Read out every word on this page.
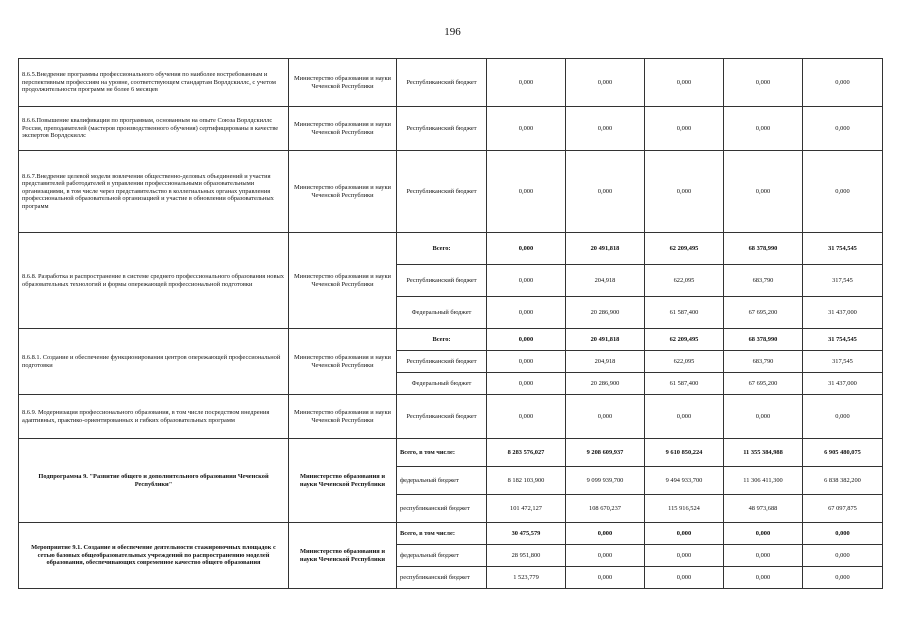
196
8.6.5.Внедрение программы профессионального обучения по наиболее востребованным и перспективным профессиям на уровне, соответствующем стандартам Ворлдскиллс, с учетом продолжительности программ не более 6 месяцев	Министерство образования и науки Чеченской Республики	Республиканский бюджет	0,000	0,000	0,000	0,000	0,000
8.6.6.Повышение квалификации по программам, основанным на опыте Союза Ворлдскиллс Россия, преподавателей (мастеров производственного обучения) сертифицированы в качестве экспертов Ворлдскиллс	Министерство образования и науки Чеченской Республики	Республиканский бюджет	0,000	0,000	0,000	0,000	0,000
8.6.7.Внедрение целевой модели вовлечения общественно-деловых объединений и участия представителей работодателей в управлении профессиональными образовательными организациями, в том числе через представительство в коллегиальных органах управления профессиональной образовательной организацией и участие в обновлении образовательных программ	Министерство образования и науки Чеченской Республики	Республиканский бюджет	0,000	0,000	0,000	0,000	0,000
8.6.8. Разработка и распространение в системе среднего профессионального образования новых образовательных технологий и формы опережающей профессиональной подготовки	Министерство образования и науки Чеченской Республики	Всего:	0,000	20 491,818	62 209,495	68 378,990	31 754,545
		Республиканский бюджет	0,000	204,918	622,095	683,790	317,545
		Федеральный бюджет	0,000	20 286,900	61 587,400	67 695,200	31 437,000
8.6.8.1. Создание и обеспечение функционирования центров опережающей профессиональной подготовки	Министерство образования и науки Чеченской Республики	Всего:	0,000	20 491,818	62 209,495	68 378,990	31 754,545
		Республиканский бюджет	0,000	204,918	622,095	683,790	317,545
		Федеральный бюджет	0,000	20 286,900	61 587,400	67 695,200	31 437,000
8.6.9. Модернизация профессионального образования, в том числе посредством внедрения адаптивных, практико-ориентированных и гибких образовательных программ	Министерство образования и науки Чеченской Республики	Республиканский бюджет	0,000	0,000	0,000	0,000	0,000
Подпрограмма 9. "Развитие общего и дополнительного образования Чеченской Республики"	Министерство образования и науки Чеченской Республики	Всего, в том числе:	8 283 576,027	9 208 609,937	9 610 850,224	11 355 384,988	6 905 480,075
		федеральный бюджет	8 182 103,900	9 099 939,700	9 494 933,700	11 306 411,300	6 838 382,200
		республиканский бюджет	101 472,127	108 670,237	115 916,524	48 973,688	67 097,875
Мероприятие 9.1. Создание и обеспечение деятельности стажировочных площадок с сетью базовых общеобразовательных учреждений по распространению моделей образования, обеспечивающих современное качество общего образования	Министерство образования и науки Чеченской Республики	Всего, в том числе:	30 475,579	0,000	0,000	0,000	0,000
		федеральный бюджет	28 951,800	0,000	0,000	0,000	0,000
		республиканский бюджет	1 523,779	0,000	0,000	0,000	0,000
